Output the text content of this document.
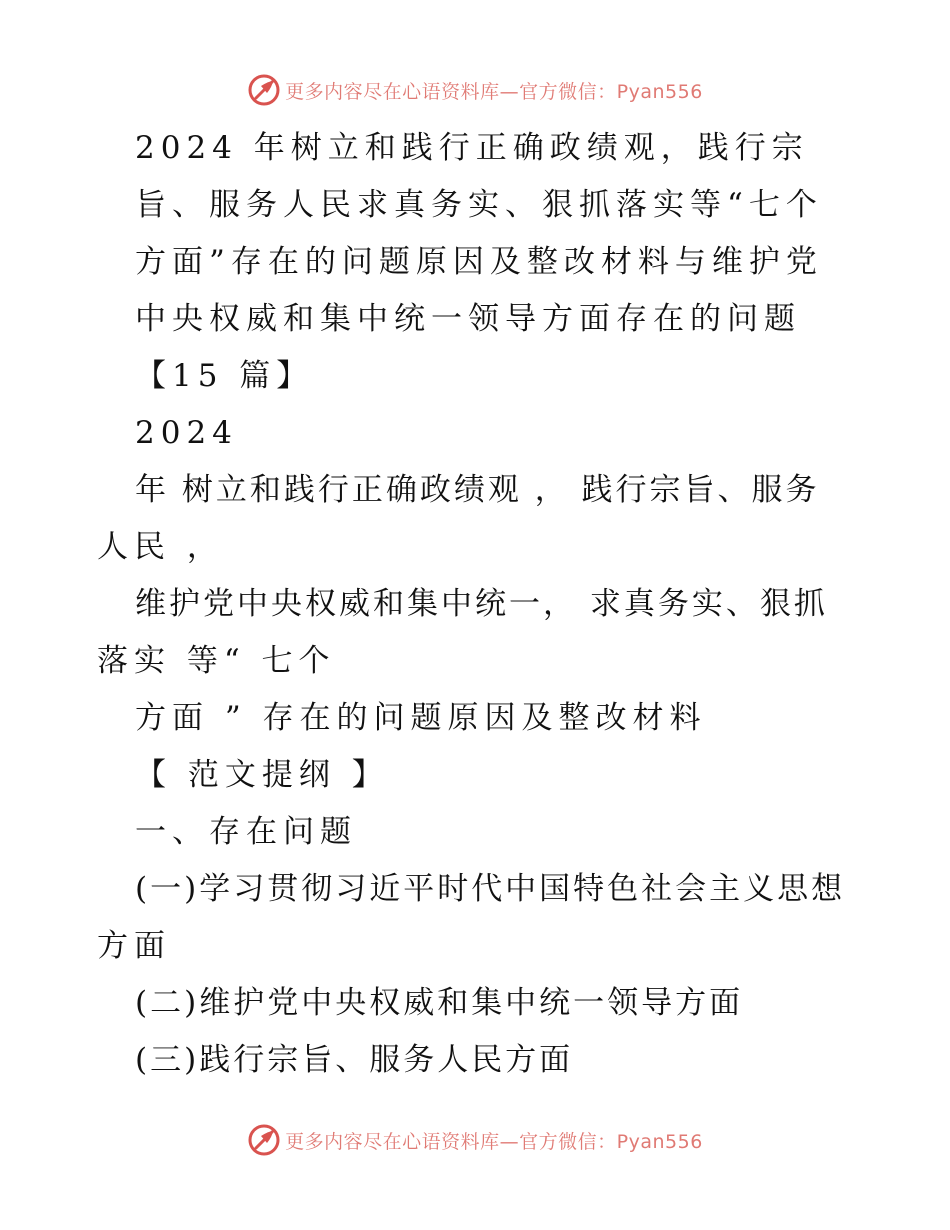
更多内容尽在心语资料库—官方微信：Pyan556
2024 年树立和践行正确政绩观，践行宗
旨、服务人民求真务实、狠抓落实等“七个
方面”存在的问题原因及整改材料与维护党
中央权威和集中统一领导方面存在的问题
【15 篇】
2024
年 树立和践行正确政绩观 ， 践行宗旨、服务
人民 ，
维护党中央权威和集中统一， 求真务实、狠抓
落实 等“ 七个
方面 ” 存在的问题原因及整改材料
【 范文提纲 】
一、存在问题
(一)学习贯彻习近平时代中国特色社会主义思想
方面
(二)维护党中央权威和集中统一领导方面
(三)践行宗旨、服务人民方面
更多内容尽在心语资料库—官方微信：Pyan556
